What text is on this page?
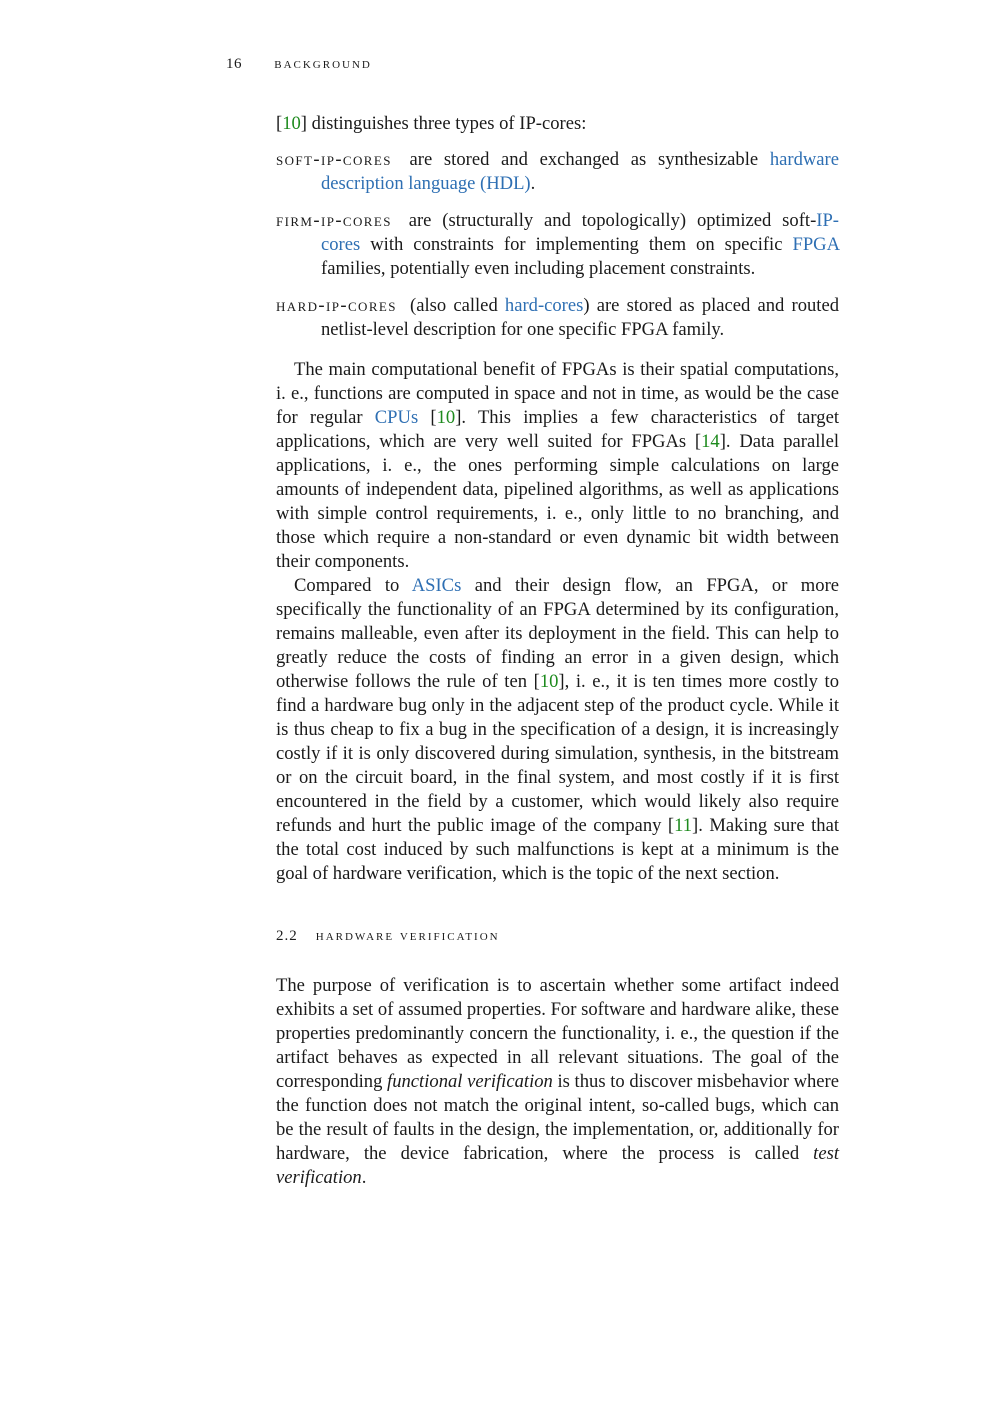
16 background

[10] distinguishes three types of IP-cores:

soft-ip-cores are stored and exchanged as synthesizable hardware description language (HDL).
firm-ip-cores are (structurally and topologically) optimized soft-IP-cores with constraints for implementing them on specific FPGA families, potentially even including placement constraints.
hard-ip-cores (also called hard-cores) are stored as placed and routed netlist-level description for one specific FPGA family.

The main computational benefit of FPGAs is their spatial computations, i. e., functions are computed in space and not in time, as would be the case for regular CPUs [10]. This implies a few characteristics of target applications, which are very well suited for FPGAs [14]. Data parallel applications, i. e., the ones performing simple calculations on large amounts of independent data, pipelined algorithms, as well as applications with simple control requirements, i. e., only little to no branching, and those which require a non-standard or even dynamic bit width between their components.

Compared to ASICs and their design flow, an FPGA, or more specifically the functionality of an FPGA determined by its configuration, remains malleable, even after its deployment in the field. This can help to greatly reduce the costs of finding an error in a given design, which otherwise follows the rule of ten [10], i. e., it is ten times more costly to find a hardware bug only in the adjacent step of the product cycle. While it is thus cheap to fix a bug in the specification of a design, it is increasingly costly if it is only discovered during simulation, synthesis, in the bitstream or on the circuit board, in the final system, and most costly if it is first encountered in the field by a customer, which would likely also require refunds and hurt the public image of the company [11]. Making sure that the total cost induced by such malfunctions is kept at a minimum is the goal of hardware verification, which is the topic of the next section.

2.2 hardware verification

The purpose of verification is to ascertain whether some artifact indeed exhibits a set of assumed properties. For software and hardware alike, these properties predominantly concern the functionality, i. e., the question if the artifact behaves as expected in all relevant situations. The goal of the corresponding functional verification is thus to discover misbehavior where the function does not match the original intent, so-called bugs, which can be the result of faults in the design, the implementation, or, additionally for hardware, the device fabrication, where the process is called test verification.
